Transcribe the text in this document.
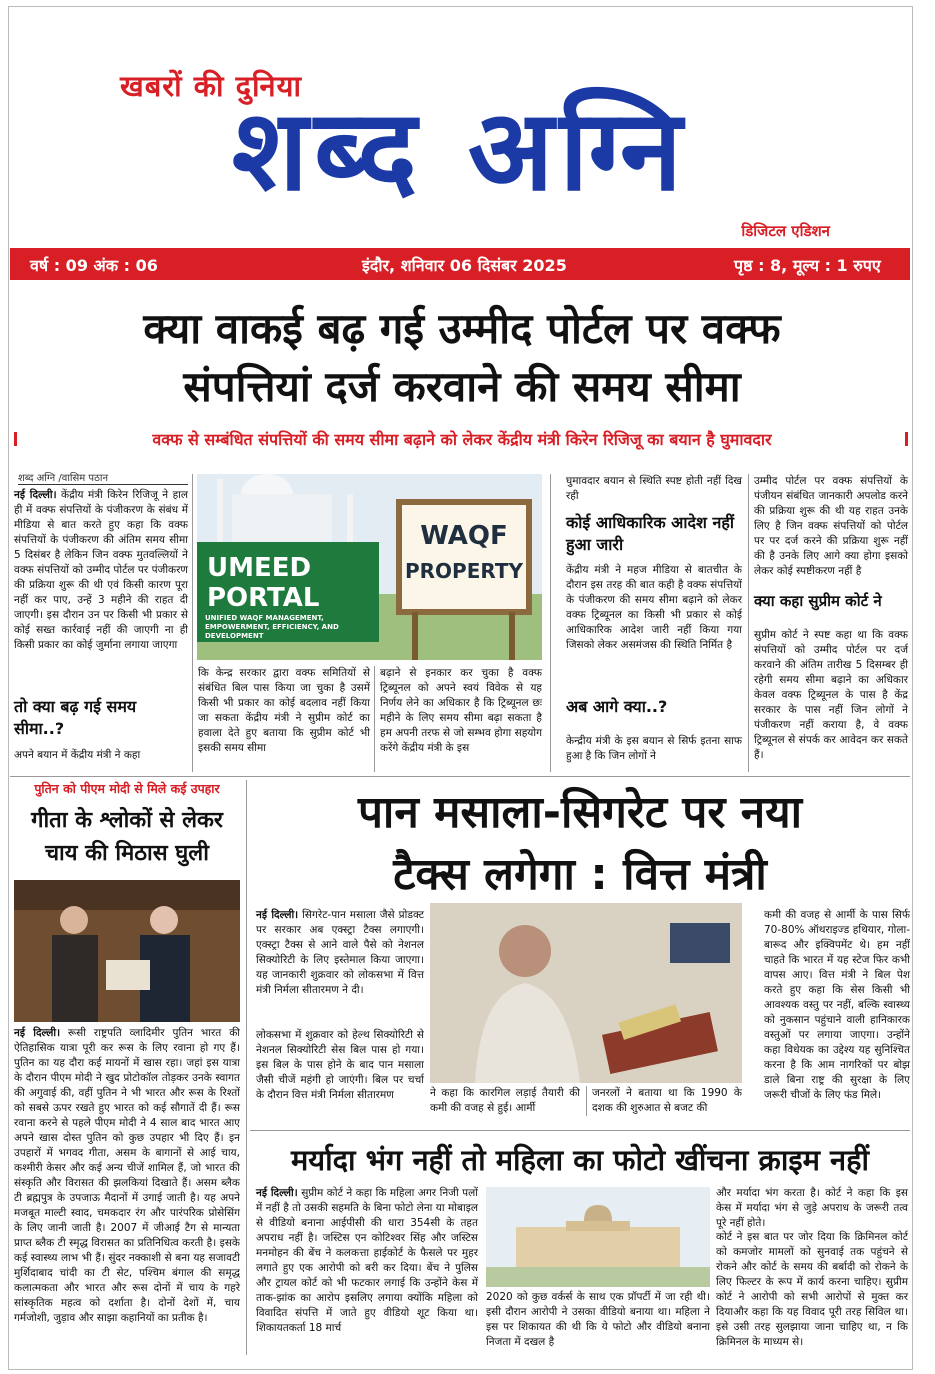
खबरों की दुनिया
शब्द अग्नि
डिजिटल एडिशन
वर्ष : 09 अंक : 06	इंदौर, शनिवार 06 दिसंबर 2025	पृष्ठ : 8, मूल्य : 1 रुपए
क्या वाकई बढ़ गई उम्मीद पोर्टल पर वक्फ
संपत्तियां दर्ज करवाने की समय सीमा
वक्फ से सम्बंधित संपत्तियों की समय सीमा बढ़ाने को लेकर केंद्रीय मंत्री किरेन रिजिजू का बयान है घुमावदार
शब्द अग्नि /वासिम पठान
नई दिल्ली। केंद्रीय मंत्री किरेन रिजिजू ने हाल ही में वक्फ संपत्तियों के पंजीकरण के संबंध में मीडिया से बात करते हुए कहा कि वक्फ संपत्तियों के पंजीकरण की अंतिम समय सीमा 5 दिसंबर है लेकिन जिन वक्फ मुतवल्लियों ने वक्फ संपत्तियों को उम्मीद पोर्टल पर पंजीकरण की प्रक्रिया शुरू की थी एवं किसी कारण पूरा नहीं कर पाए, उन्हें 3 महीने की राहत दी जाएगी। इस दौरान उन पर किसी भी प्रकार से कोई सख्त कार्रवाई नहीं की जाएगी ना ही किसी प्रकार का कोई जुर्माना लगाया जाएगा
तो क्या बढ़ गई समय सीमा..?
अपने बयान में केंद्रीय मंत्री ने कहा
UMEED
PORTAL
UNIFIED WAQF MANAGEMENT, EMPOWERMENT, EFFICIENCY, AND DEVELOPMENT
WAQF
PROPERTY
कि केन्द्र सरकार द्वारा वक्फ समितियों से संबंधित बिल पास किया जा चुका है उसमें किसी भी प्रकार का कोई बदलाव नहीं किया जा सकता केंद्रीय मंत्री ने सुप्रीम कोर्ट का हवाला देते हुए बताया कि सुप्रीम कोर्ट भी इसकी समय सीमा
बढ़ाने से इनकार कर चुका है वक्फ ट्रिब्यूनल को अपने स्वयं विवेक से यह निर्णय लेने का अधिकार है कि ट्रिब्यूनल छः महीने के लिए समय सीमा बढ़ा सकता है हम अपनी तरफ से जो सम्भव होगा सहयोग करेंगे केंद्रीय मंत्री के इस
घुमावदार बयान से स्थिति स्पष्ट होती नहीं दिख रही
कोई आधिकारिक आदेश नहीं हुआ जारी
केंद्रीय मंत्री ने महज मीडिया से बातचीत के दौरान इस तरह की बात कही है वक्फ संपत्तियों के पंजीकरण की समय सीमा बढ़ाने को लेकर वक्फ ट्रिब्यूनल का किसी भी प्रकार से कोई आधिकारिक आदेश जारी नहीं किया गया जिसको लेकर असमंजस की स्थिति निर्मित है
अब आगे क्या..?
केन्द्रीय मंत्री के इस बयान से सिर्फ इतना साफ हुआ है कि जिन लोगों ने
उम्मीद पोर्टल पर वक्फ संपत्तियों के पंजीयन संबंधित जानकारी अपलोड करने की प्रक्रिया शुरू की थी यह राहत उनके लिए है जिन वक्फ संपत्तियों को पोर्टल पर पर दर्ज करने की प्रक्रिया शुरू नहीं की है उनके लिए आगे क्या होगा इसको लेकर कोई स्पष्टीकरण नहीं है
क्या कहा सुप्रीम कोर्ट ने
सुप्रीम कोर्ट ने स्पष्ट कहा था कि वक्फ संपत्तियों को उम्मीद पोर्टल पर दर्ज करवाने की अंतिम तारीख 5 दिसम्बर ही रहेगी समय सीमा बढ़ाने का अधिकार केवल वक्फ ट्रिब्यूनल के पास है केंद्र सरकार के पास नहीं जिन लोगों ने पंजीकरण नहीं कराया है, वे वक्फ ट्रिब्यूनल से संपर्क कर आवेदन कर सकते हैं।
पुतिन को पीएम मोदी से मिले कई उपहार
गीता के श्लोकों से लेकर चाय की मिठास घुली
नई दिल्ली। रूसी राष्ट्रपति व्लादिमीर पुतिन भारत की ऐतिहासिक यात्रा पूरी कर रूस के लिए रवाना हो गए हैं। पुतिन का यह दौरा कई मायनों में खास रहा। जहां इस यात्रा के दौरान पीएम मोदी ने खुद प्रोटोकॉल तोड़कर उनके स्वागत की अगुवाई की, वहीं पुतिन ने भी भारत और रूस के रिश्तों को सबसे ऊपर रखते हुए भारत को कई सौगातें दी हैं। रूस रवाना करने से पहले पीएम मोदी ने 4 साल बाद भारत आए अपने खास दोस्त पुतिन को कुछ उपहार भी दिए हैं। इन उपहारों में भगवद गीता, असम के बागानों से आई चाय, कश्मीरी केसर और कई अन्य चीजें शामिल हैं, जो भारत की संस्कृति और विरासत की झलकियां दिखाते हैं। असम ब्लैक टी ब्रह्मपुत्र के उपजाऊ मैदानों में उगाई जाती है। यह अपने मजबूत माल्टी स्वाद, चमकदार रंग और पारंपरिक प्रोसेसिंग के लिए जानी जाती है। 2007 में जीआई टैग से मान्यता प्राप्त ब्लैक टी स्मृद्ध विरासत का प्रतिनिधित्व करती है। इसके कई स्वास्थ्य लाभ भी हैं। सुंदर नक्काशी से बना यह सजावटी मुर्शिदाबाद चांदी का टी सेट, पश्चिम बंगाल की समृद्ध कलात्मकता और भारत और रूस दोनों में चाय के गहरे सांस्कृतिक महत्व को दर्शाता है। दोनों देशों में, चाय गर्मजोशी, जुड़ाव और साझा कहानियों का प्रतीक है।
पान मसाला-सिगरेट पर नया
टैक्स लगेगा : वित्त मंत्री
नई दिल्ली। सिगरेट-पान मसाला जैसे प्रोडक्ट पर सरकार अब एक्स्ट्रा टैक्स लगाएगी। एक्स्ट्रा टैक्स से आने वाले पैसे को नेशनल सिक्योरिटी के लिए इस्तेमाल किया जाएगा। यह जानकारी शुक्रवार को लोकसभा में वित्त मंत्री निर्मला सीतारमण ने दी।
लोकसभा में शुक्रवार को हेल्थ सिक्योरिटी से नेशनल सिक्योरिटी सेस बिल पास हो गया। इस बिल के पास होने के बाद पान मसाला जैसी चीजें महंगी हो जाएंगी। बिल पर चर्चा के दौरान वित्त मंत्री निर्मला सीतारमण	ने कहा कि कारगिल लड़ाई तैयारी की कमी की वजह से हुई। आर्मी
जनरलों ने बताया था कि 1990 के दशक की शुरुआत से बजट की
कमी की वजह से आर्मी के पास सिर्फ 70-80% ऑथराइज्ड हथियार, गोला-बारूद और इक्विपमेंट थे। हम नहीं चाहते कि भारत में यह स्टेज फिर कभी वापस आए। वित्त मंत्री ने बिल पेश करते हुए कहा कि सेस किसी भी आवश्यक वस्तु पर नहीं, बल्कि स्वास्थ्य को नुकसान पहुंचाने वाली हानिकारक वस्तुओं पर लगाया जाएगा। उन्होंने कहा विधेयक का उद्देश्य यह सुनिश्चित करना है कि आम नागरिकों पर बोझ डाले बिना राष्ट्र की सुरक्षा के लिए जरूरी चीजों के लिए फंड मिले।
मर्यादा भंग नहीं तो महिला का फोटो खींचना क्राइम नहीं
नई दिल्ली। सुप्रीम कोर्ट ने कहा कि महिला अगर निजी पलों में नहीं है तो उसकी सहमति के बिना फोटो लेना या मोबाइल से वीडियो बनाना आईपीसी की धारा 354सी के तहत अपराध नहीं है। जस्टिस एन कोटिश्वर सिंह और जस्टिस मनमोहन की बेंच ने कलकत्ता हाईकोर्ट के फैसले पर मुहर लगाते हुए एक आरोपी को बरी कर दिया। बेंच ने पुलिस और ट्रायल कोर्ट को भी फटकार लगाई कि उन्होंने केस में ताक-झांक का आरोप इसलिए लगाया क्योंकि महिला को विवादित संपत्ति में जाते हुए वीडियो शूट किया था। शिकायतकर्ता 18 मार्च
2020 को कुछ वर्कर्स के साथ एक प्रॉपर्टी में जा रही थी। इसी दौरान आरोपी ने उसका वीडियो बनाया था। महिला ने इस पर शिकायत की थी कि ये फोटो और वीडियो बनाना निजता में दखल है
और मर्यादा भंग करता है। कोर्ट ने कहा कि इस केस में मर्यादा भंग से जुड़े अपराध के जरूरी तत्व पूरे नहीं होते।
कोर्ट ने इस बात पर जोर दिया कि क्रिमिनल कोर्ट को कमजोर मामलों को सुनवाई तक पहुंचने से रोकने और कोर्ट के समय की बर्बादी को रोकने के लिए फिल्टर के रूप में कार्य करना चाहिए। सुप्रीम कोर्ट ने आरोपी को सभी आरोपों से मुक्त कर दियाऔर कहा कि यह विवाद पूरी तरह सिविल था। इसे उसी तरह सुलझाया जाना चाहिए था, न कि क्रिमिनल के माध्यम से।
